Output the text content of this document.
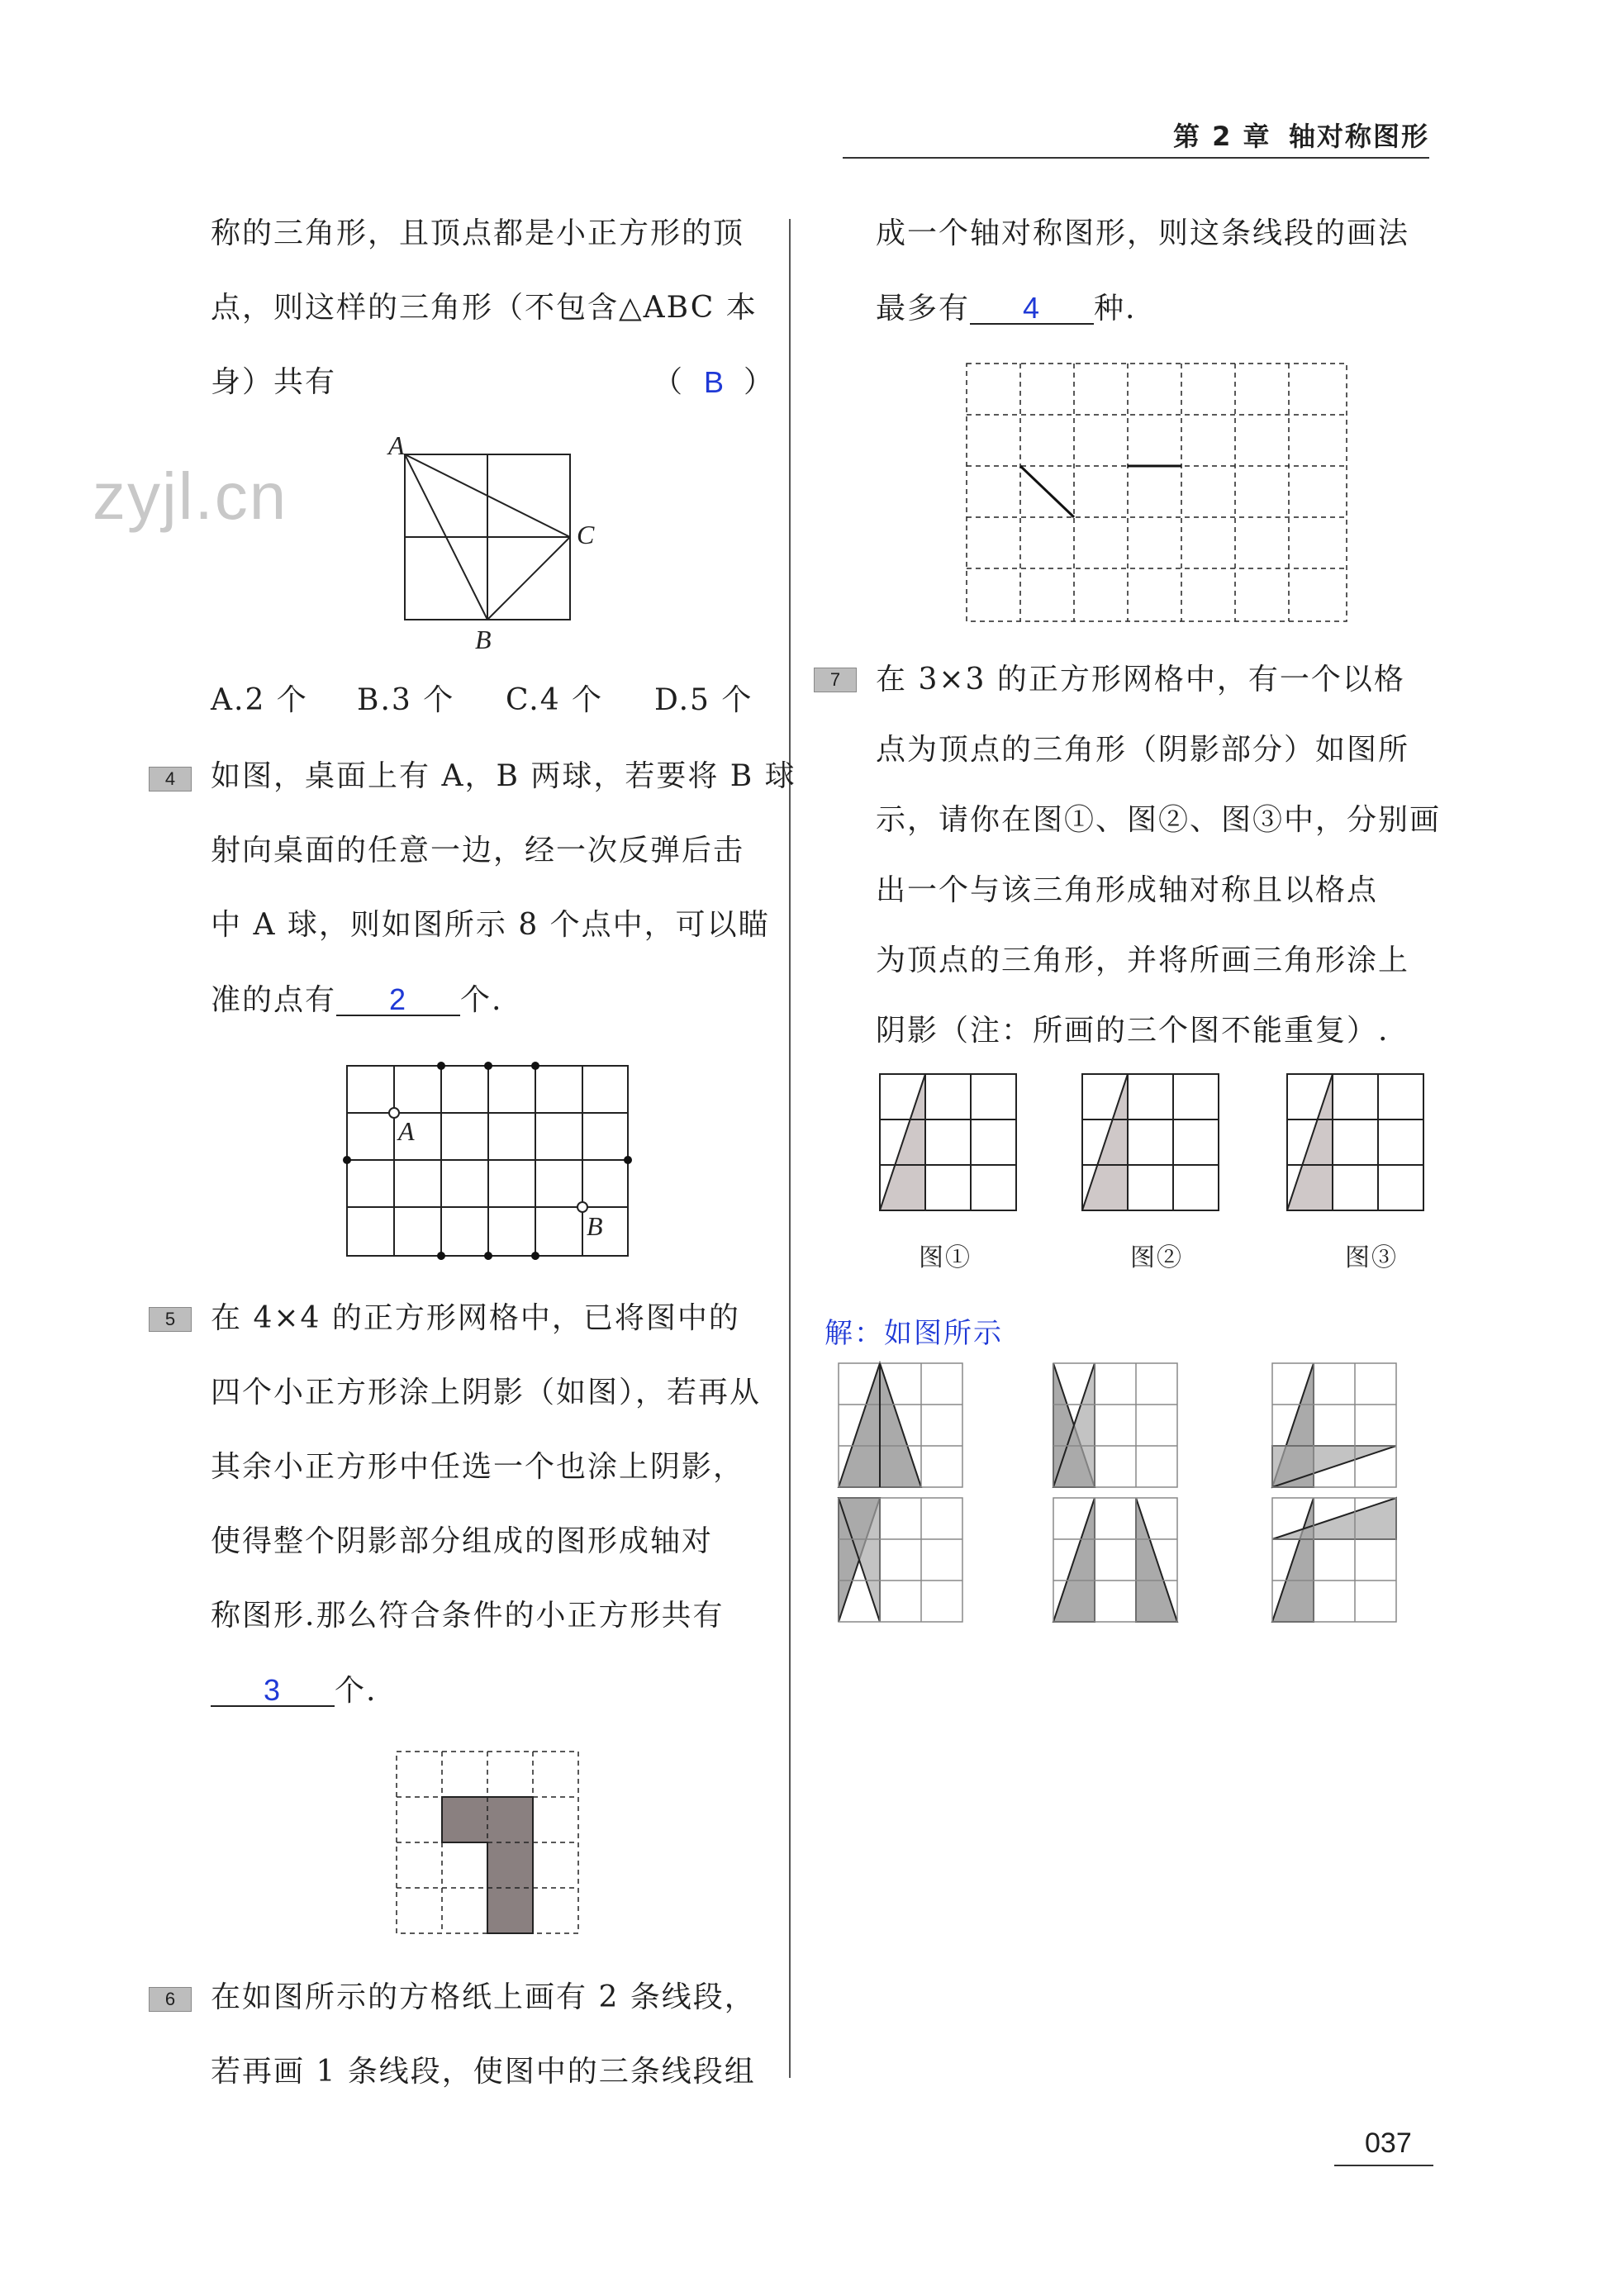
第 2 章 轴对称图形
zyjl.cn
称的三角形，且顶点都是小正方形的顶
点，则这样的三角形（不包含△ABC 本
身）共有	（ B ）
A
C
B
A.2 个 B.3 个 C.4 个 D.5 个
4	如图，桌面上有 A，B 两球，若要将 B 球
射向桌面的任意一边，经一次反弹后击
中 A 球，则如图所示 8 个点中，可以瞄
准的点有 2 个.
A
B
5	在 4×4 的正方形网格中，已将图中的
四个小正方形涂上阴影（如图），若再从
其余小正方形中任选一个也涂上阴影，
使得整个阴影部分组成的图形成轴对
称图形.那么符合条件的小正方形共有
3 个.
6	在如图所示的方格纸上画有 2 条线段，
若再画 1 条线段，使图中的三条线段组
成一个轴对称图形，则这条线段的画法
最多有 4 种.
7	在 3×3 的正方形网格中，有一个以格
点为顶点的三角形（阴影部分）如图所
示，请你在图①、图②、图③中，分别画
出一个与该三角形成轴对称且以格点
为顶点的三角形，并将所画三角形涂上
阴影（注：所画的三个图不能重复）.
图①	图②	图③
解：如图所示
037
